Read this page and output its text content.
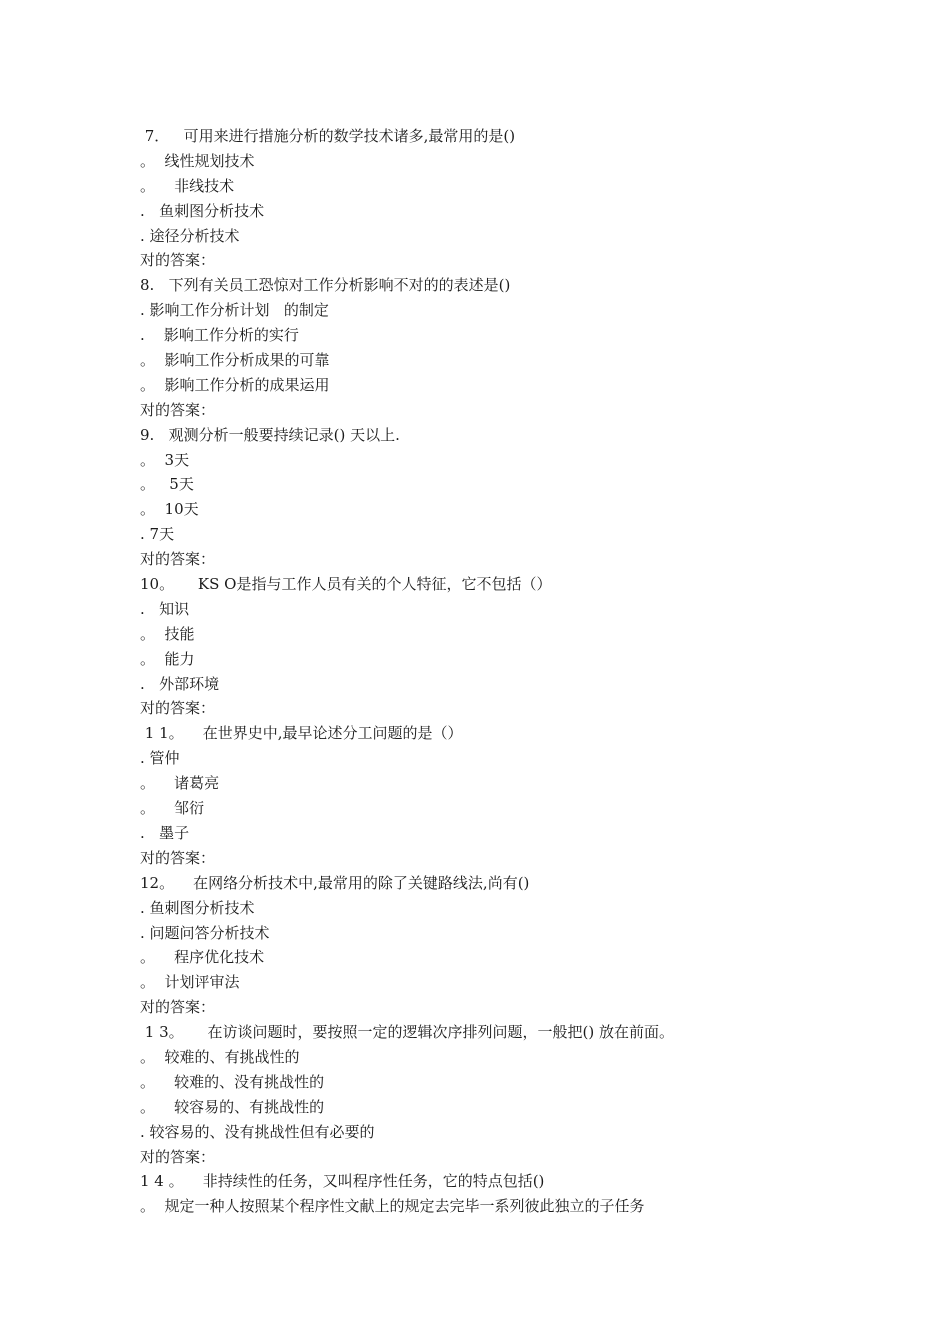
7．   可用来进行措施分析的数学技术诸多,最常用的是()
。  线性规划技术
。    非线技术
.   鱼刺图分析技术
. 途径分析技术
对的答案：
8.   下列有关员工恐惊对工作分析影响不对的的表述是()
. 影响工作分析计划   的制定
.    影响工作分析的实行
。  影响工作分析成果的可靠
。  影响工作分析的成果运用
对的答案：
9.   观测分析一般要持续记录() 天以上.
。  3天
。   5天
。  10天
. 7天
对的答案：
10。     KS O是指与工作人员有关的个人特征，它不包括（）
.   知识
。  技能
。  能力
.   外部环境
对的答案：
1 1。    在世界史中,最早论述分工问题的是（）
. 管仲
。    诸葛亮
。    邹衍
.   墨子
对的答案：
12。    在网络分析技术中,最常用的除了关键路线法,尚有()
. 鱼刺图分析技术
. 问题问答分析技术
。    程序优化技术
。  计划评审法
对的答案：
1 3。     在访谈问题时，要按照一定的逻辑次序排列问题，一般把() 放在前面。
。  较难的、有挑战性的
。    较难的、没有挑战性的
。    较容易的、有挑战性的
. 较容易的、没有挑战性但有必要的
对的答案：
1 4 。    非持续性的任务，又叫程序性任务，它的特点包括()
。  规定一种人按照某个程序性文献上的规定去完毕一系列彼此独立的子任务
